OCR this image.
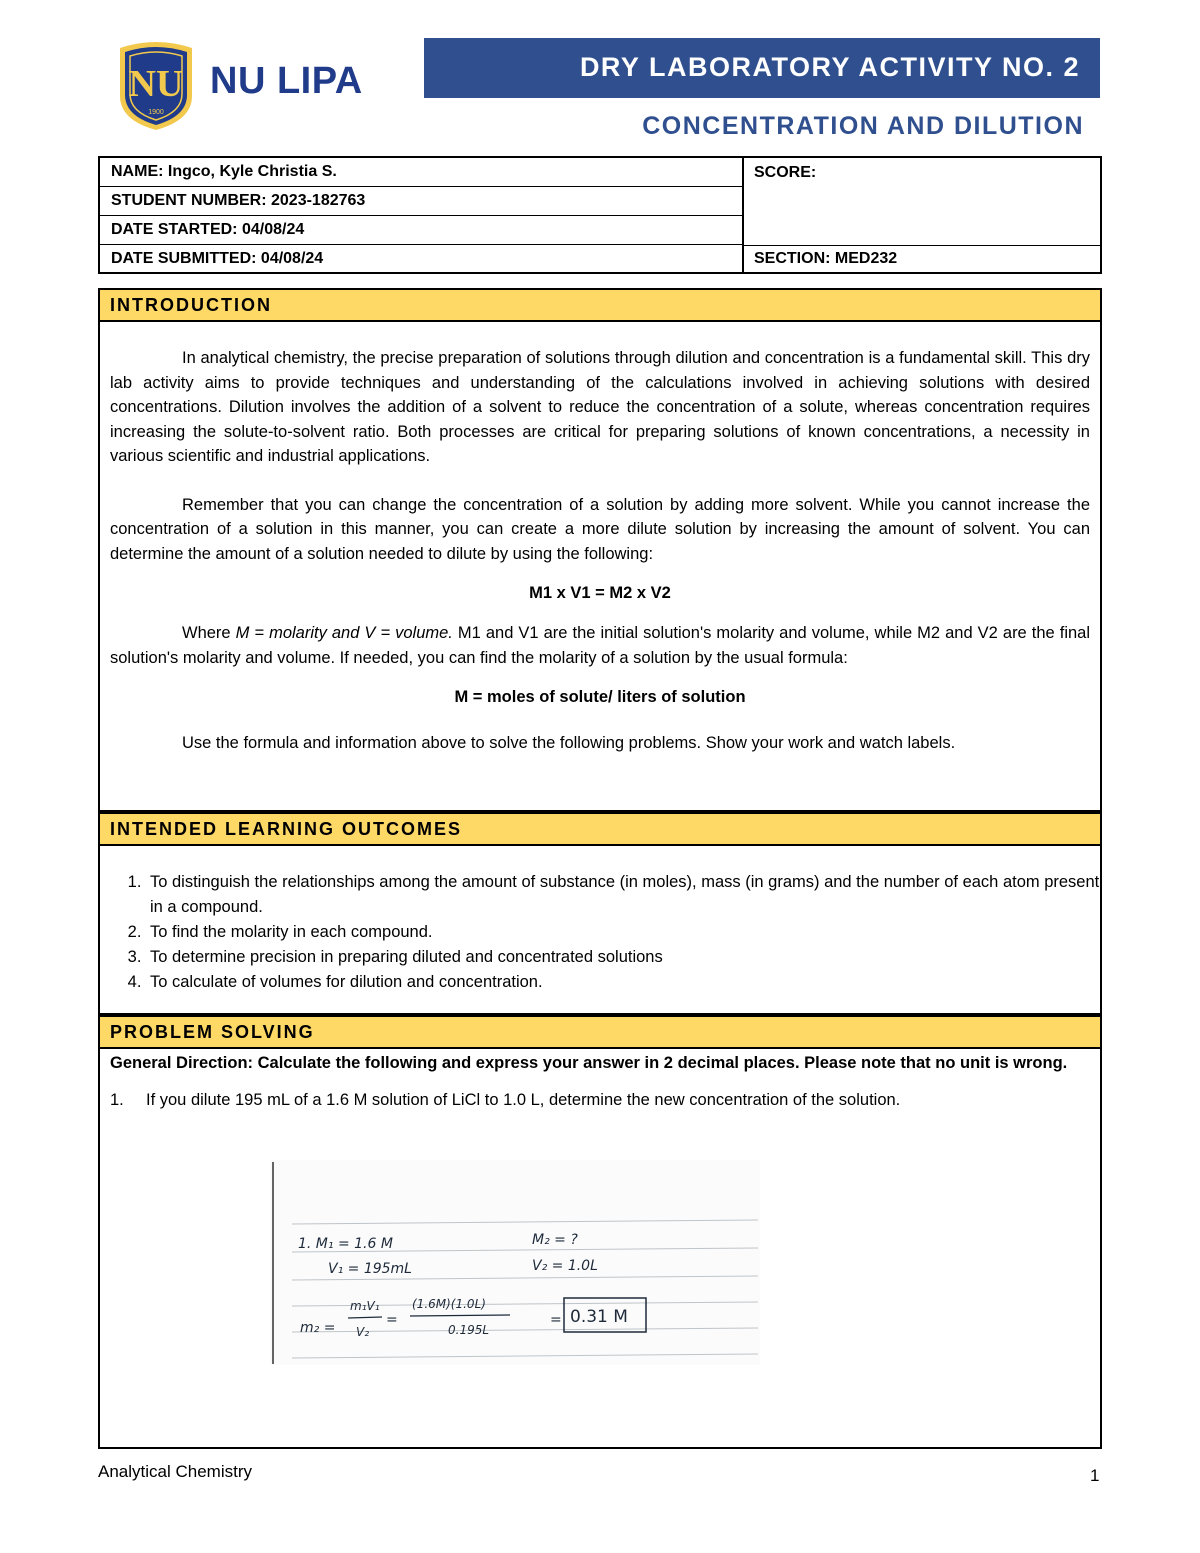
NU
1900
NU LIPA	DRY LABORATORY ACTIVITY NO. 2
CONCENTRATION AND DILUTION
NAME: Ingco, Kyle Christia S.
STUDENT NUMBER: 2023-182763
DATE STARTED: 04/08/24
DATE SUBMITTED: 04/08/24
SCORE:
SECTION: MED232
INTRODUCTION

In analytical chemistry, the precise preparation of solutions through dilution and concentration is a fundamental skill. This dry lab activity aims to provide techniques and understanding of the calculations involved in achieving solutions with desired concentrations. Dilution involves the addition of a solvent to reduce the concentration of a solute, whereas concentration requires increasing the solute-to-solvent ratio. Both processes are critical for preparing solutions of known concentrations, a necessity in various scientific and industrial applications.

Remember that you can change the concentration of a solution by adding more solvent. While you cannot increase the concentration of a solution in this manner, you can create a more dilute solution by increasing the amount of solvent. You can determine the amount of a solution needed to dilute by using the following:

M1 x V1 = M2 x V2

Where M = molarity and V = volume. M1 and V1 are the initial solution's molarity and volume, while M2 and V2 are the final solution's molarity and volume. If needed, you can find the molarity of a solution by the usual formula:

M = moles of solute/ liters of solution

Use the formula and information above to solve the following problems. Show your work and watch labels.

INTENDED LEARNING OUTCOMES
1. To distinguish the relationships among the amount of substance (in moles), mass (in grams) and the number of each atom present in a compound.
2. To find the molarity in each compound.
3. To determine precision in preparing diluted and concentrated solutions
4. To calculate of volumes for dilution and concentration.
PROBLEM SOLVING

General Direction: Calculate the following and express your answer in 2 decimal places. Please note that no unit is wrong.

1.	If you dilute 195 mL of a 1.6 M solution of LiCl to 1.0 L, determine the new concentration of the solution.
1. M₁ = 1.6 M	M₂ = ?
V₁ = 195mL	V₂ = 1.0L
m₂ =
m₁V₁
V₂
=
(1.6M)(1.0L)
0.195L
= 0.31 M
Analytical Chemistry	1
